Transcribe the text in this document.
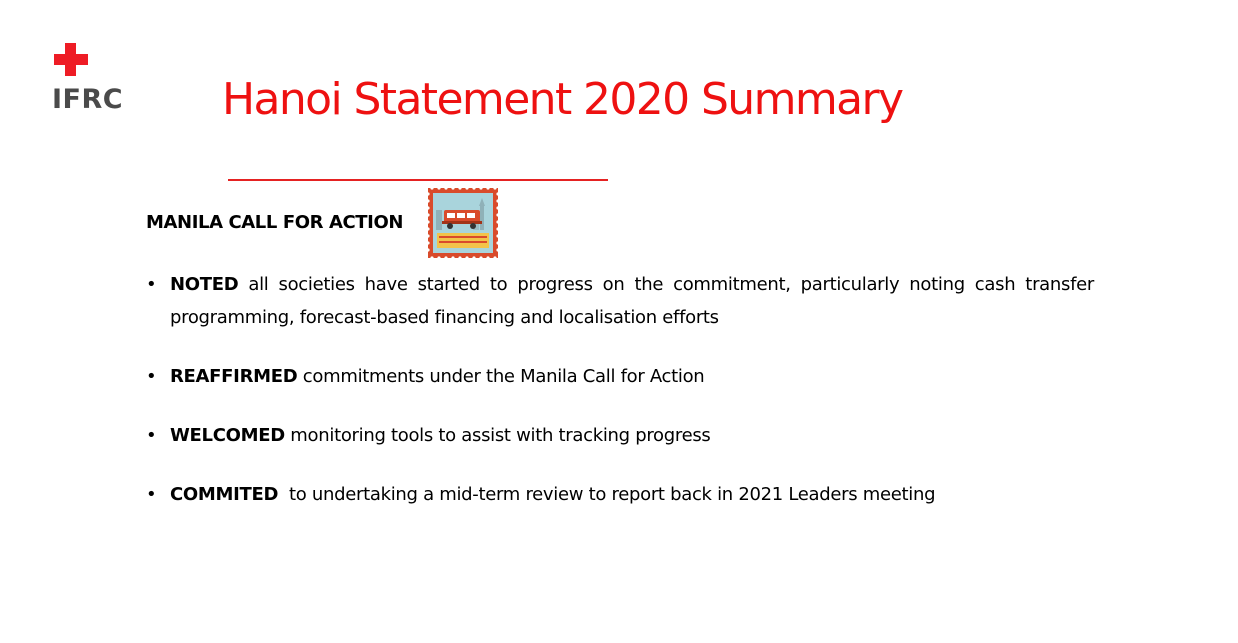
IFRC Hanoi Statement 2020 Summary
MANILA CALL FOR ACTION
• NOTED all societies have started to progress on the commitment, particularly noting cash transfer programming, forecast-based financing and localisation efforts
• REAFFIRMED commitments under the Manila Call for Action
• WELCOMED monitoring tools to assist with tracking progress
• COMMITED  to undertaking a mid-term review to report back in 2021 Leaders meeting
